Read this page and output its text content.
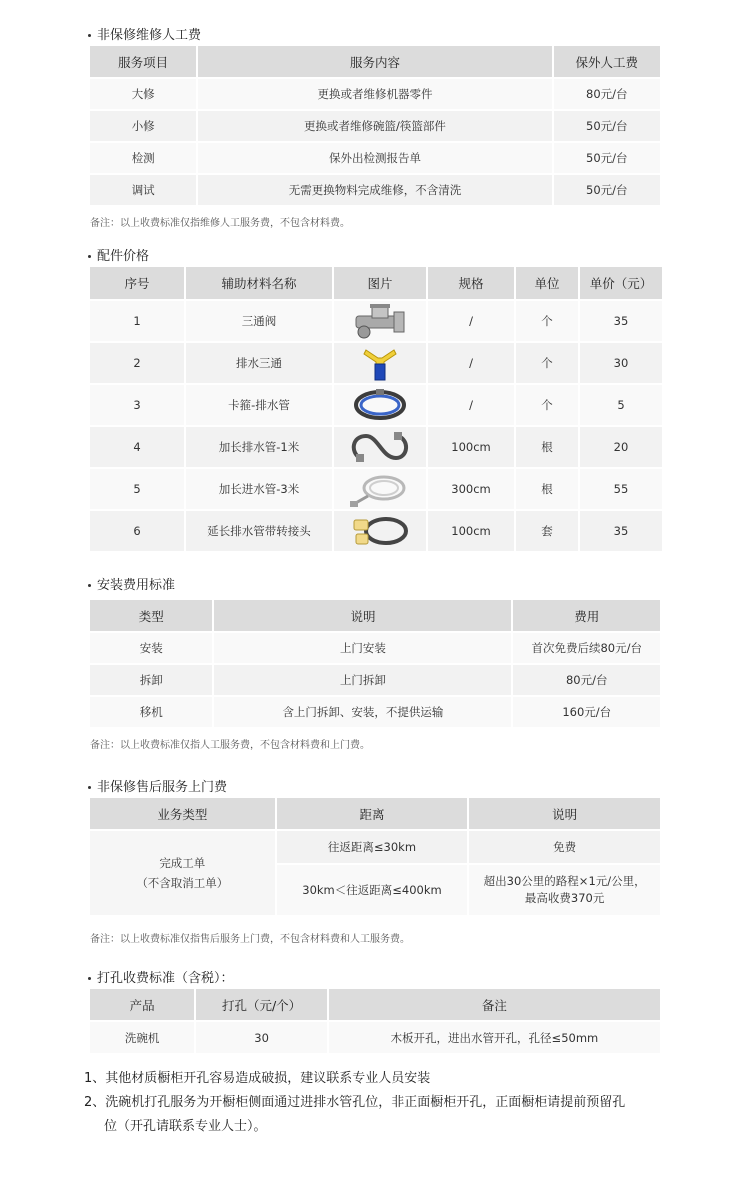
非保修维修人工费
服务项目	服务内容	保外人工费
大修	更换或者维修机器零件	80元/台
小修	更换或者维修碗篮/筷篮部件	50元/台
检测	保外出检测报告单	50元/台
调试	无需更换物料完成维修，不含清洗	50元/台
备注：以上收费标准仅指维修人工服务费，不包含材料费。
配件价格
序号	辅助材料名称	图片	规格	单位	单价（元）
1	三通阀		/	个	35
2	排水三通		/	个	30
3	卡箍-排水管		/	个	5
4	加长排水管-1米		100cm	根	20
5	加长进水管-3米		300cm	根	55
6	延长排水管带转接头		100cm	套	35
安装费用标准
类型	说明	费用
安装	上门安装	首次免费后续80元/台
拆卸	上门拆卸	80元/台
移机	含上门拆卸、安装，不提供运输	160元/台
备注：以上收费标准仅指人工服务费，不包含材料费和上门费。
非保修售后服务上门费
业务类型	距离	说明

完成工单
（不含取消工单）	往返距离≤30km	免费
	30km＜往返距离≤400km	超出30公里的路程×1元/公里，
最高收费370元
备注：以上收费标准仅指售后服务上门费，不包含材料费和人工服务费。
打孔收费标准（含税）：
产品	打孔（元/个）	备注
洗碗机	30	木板开孔，进出水管开孔，孔径≤50mm
1、其他材质橱柜开孔容易造成破损，建议联系专业人员安装
2、洗碗机打孔服务为开橱柜侧面通过进排水管孔位，非正面橱柜开孔，正面橱柜请提前预留孔
位（开孔请联系专业人士）。
